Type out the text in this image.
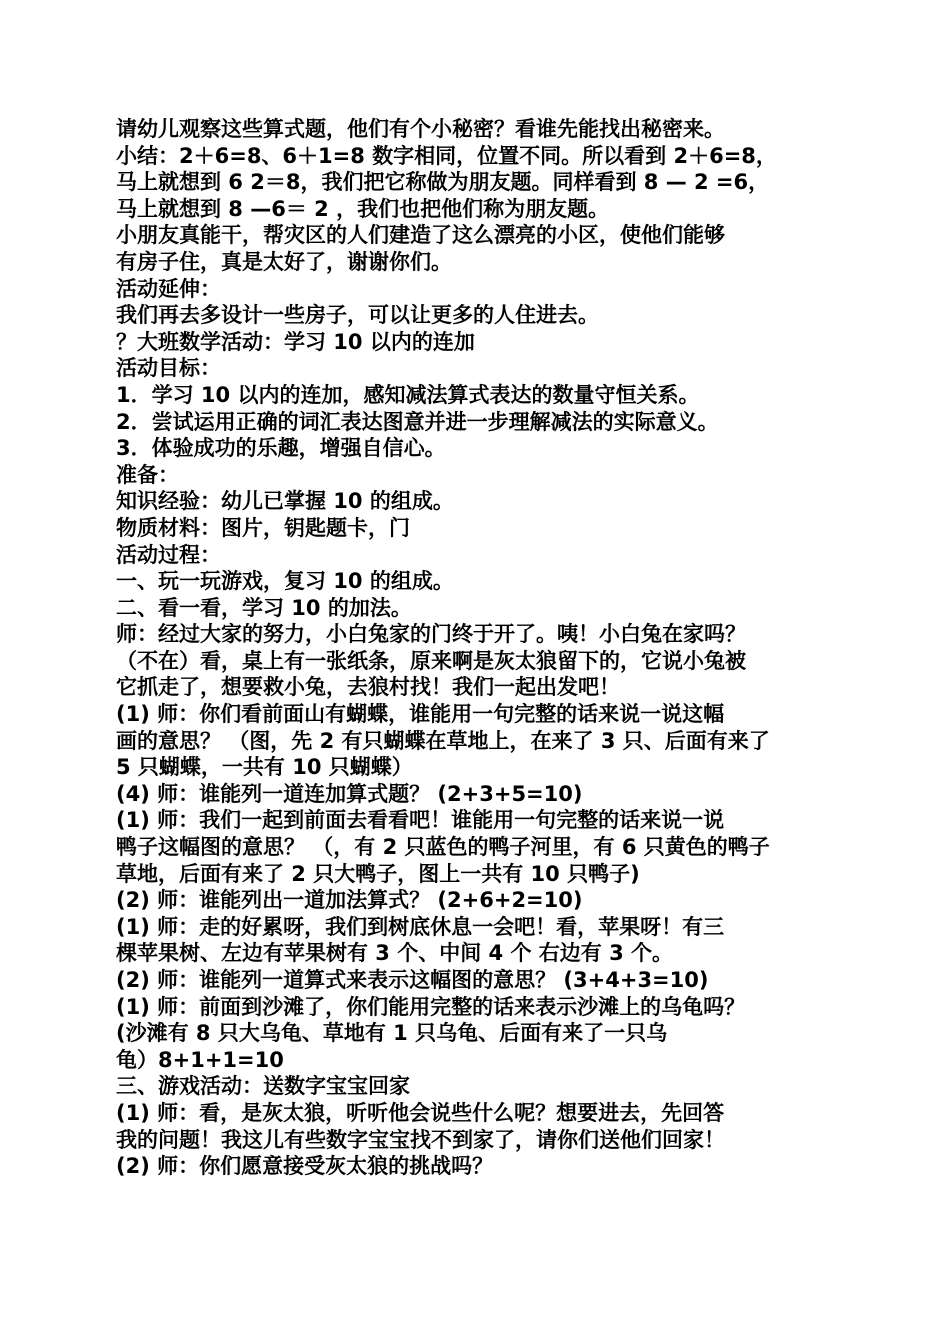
请幼儿观察这些算式题，他们有个小秘密？看谁先能找出秘密来。
小结：2＋6=8、6＋1=8 数字相同，位置不同。所以看到 2＋6=8，
马上就想到 6 2＝8，我们把它称做为朋友题。同样看到 8 — 2 =6，
马上就想到 8 —6＝ 2 ，我们也把他们称为朋友题。
小朋友真能干，帮灾区的人们建造了这么漂亮的小区，使他们能够
有房子住，真是太好了，谢谢你们。
活动延伸：
我们再去多设计一些房子，可以让更多的人住进去。
？大班数学活动：学习 10 以内的连加
活动目标：
1．学习 10 以内的连加，感知减法算式表达的数量守恒关系。
2．尝试运用正确的词汇表达图意并进一步理解减法的实际意义。
3．体验成功的乐趣，增强自信心。
准备：
知识经验：幼儿已掌握 10 的组成。
物质材料：图片，钥匙题卡，门
活动过程：
一、玩一玩游戏，复习 10 的组成。
二、看一看，学习 10 的加法。
师：经过大家的努力，小白兔家的门终于开了。咦！小白兔在家吗？
（不在）看，桌上有一张纸条，原来啊是灰太狼留下的，它说小兔被
它抓走了，想要救小兔，去狼村找！我们一起出发吧！
(1) 师：你们看前面山有蝴蝶，谁能用一句完整的话来说一说这幅
画的意思？ （图，先 2 有只蝴蝶在草地上，在来了 3 只、后面有来了
5 只蝴蝶，一共有 10 只蝴蝶）
(4) 师：谁能列一道连加算式题？ (2+3+5=10)
(1) 师：我们一起到前面去看看吧！谁能用一句完整的话来说一说
鸭子这幅图的意思？ （，有 2 只蓝色的鸭子河里，有 6 只黄色的鸭子
草地，后面有来了 2 只大鸭子，图上一共有 10 只鸭子)
(2) 师：谁能列出一道加法算式？ (2+6+2=10)
(1) 师：走的好累呀，我们到树底休息一会吧！看，苹果呀！有三
棵苹果树、左边有苹果树有 3 个、中间 4 个 右边有 3 个。
(2) 师：谁能列一道算式来表示这幅图的意思？ (3+4+3=10)
(1) 师：前面到沙滩了，你们能用完整的话来表示沙滩上的乌龟吗？
(沙滩有 8 只大乌龟、草地有 1 只乌龟、后面有来了一只乌
龟）8+1+1=10
三、游戏活动：送数字宝宝回家
(1) 师：看，是灰太狼，听听他会说些什么呢？想要进去，先回答
我的问题！我这儿有些数字宝宝找不到家了，请你们送他们回家！
(2) 师：你们愿意接受灰太狼的挑战吗？
